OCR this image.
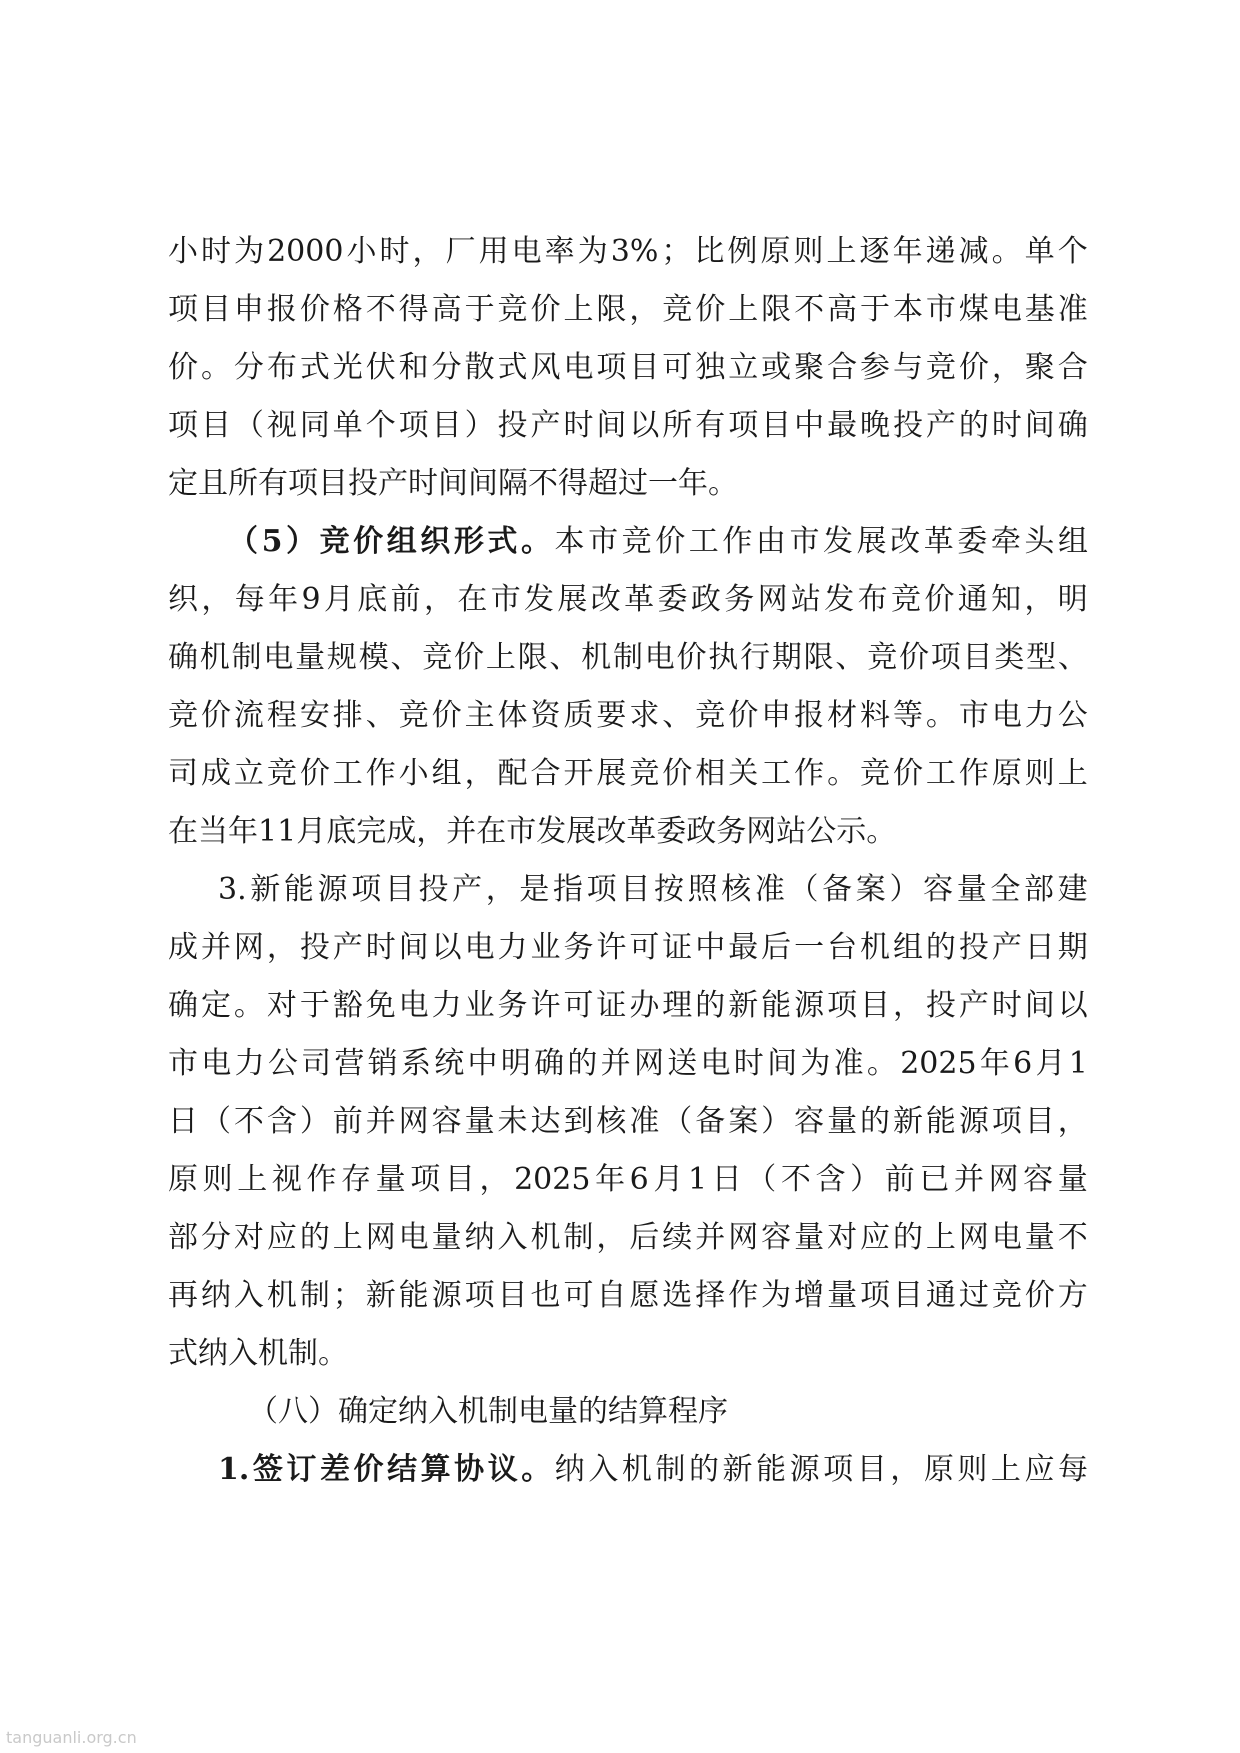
小 时 为 2000 小 时 ， 厂 用 电 率 为 3% ； 比 例 原 则 上 逐 年 递 减 。 单 个
项 目 申 报 价 格 不 得 高 于 竞 价 上 限 ， 竞 价 上 限 不 高 于 本 市 煤 电 基 准
价 。 分 布 式 光 伏 和 分 散 式 风 电 项 目 可 独 立 或 聚 合 参 与 竞 价 ， 聚 合
项 目 （ 视 同 单 个 项 目 ） 投 产 时 间 以 所 有 项 目 中 最 晚 投 产 的 时 间 确
定 且 所 有 项 目 投 产 时 间 间 隔 不 得 超 过 一 年 。
（ 5 ） 竞 价 组 织 形 式 。 本 市 竞 价 工 作 由 市 发 展 改 革 委 牵 头 组
织 ， 每 年 9 月 底 前 ， 在 市 发 展 改 革 委 政 务 网 站 发 布 竞 价 通 知 ， 明
确 机 制 电 量 规 模 、 竞 价 上 限 、 机 制 电 价 执 行 期 限 、 竞 价 项 目 类 型 、
竞 价 流 程 安 排 、 竞 价 主 体 资 质 要 求 、 竞 价 申 报 材 料 等 。 市 电 力 公
司 成 立 竞 价 工 作 小 组 ， 配 合 开 展 竞 价 相 关 工 作 。 竞 价 工 作 原 则 上
在 当 年 11 月 底 完 成 ， 并 在 市 发 展 改 革 委 政 务 网 站 公 示 。
3. 新 能 源 项 目 投 产 ， 是 指 项 目 按 照 核 准 （ 备 案 ） 容 量 全 部 建
成 并 网 ， 投 产 时 间 以 电 力 业 务 许 可 证 中 最 后 一 台 机 组 的 投 产 日 期
确 定 。 对 于 豁 免 电 力 业 务 许 可 证 办 理 的 新 能 源 项 目 ， 投 产 时 间 以
市 电 力 公 司 营 销 系 统 中 明 确 的 并 网 送 电 时 间 为 准 。 2025 年 6 月 1
日 （ 不 含 ） 前 并 网 容 量 未 达 到 核 准 （ 备 案 ） 容 量 的 新 能 源 项 目 ，
原 则 上 视 作 存 量 项 目 ， 2025 年 6 月 1 日 （ 不 含 ） 前 已 并 网 容 量
部 分 对 应 的 上 网 电 量 纳 入 机 制 ， 后 续 并 网 容 量 对 应 的 上 网 电 量 不
再 纳 入 机 制 ； 新 能 源 项 目 也 可 自 愿 选 择 作 为 增 量 项 目 通 过 竞 价 方
式 纳 入 机 制 。
（八）确定纳入机制电量的结算程序
1. 签 订 差 价 结 算 协 议 。 纳 入 机 制 的 新 能 源 项 目 ， 原 则 上 应 每
tanguanli.org.cn
